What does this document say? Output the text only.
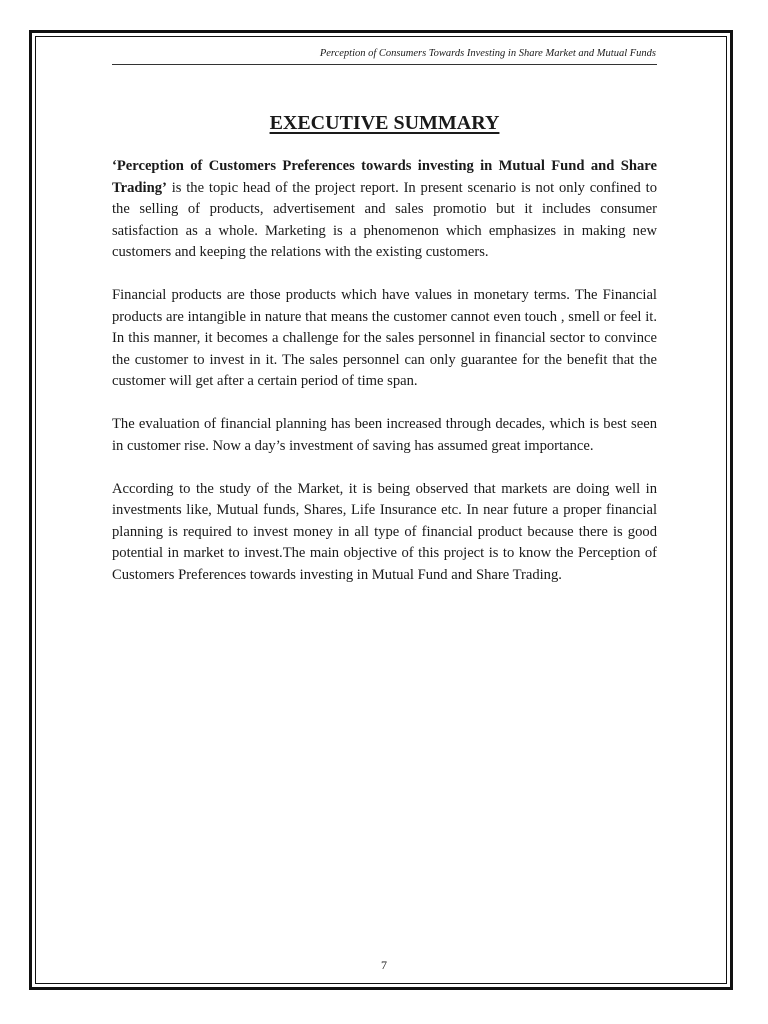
Perception of Consumers Towards Investing in Share Market and Mutual Funds
EXECUTIVE SUMMARY

‘Perception of Customers Preferences towards investing in Mutual Fund and Share Trading’ is the topic head of the project report. In present scenario is not only confined to the selling of products, advertisement and sales promotio but it includes consumer satisfaction as a whole. Marketing is a phenomenon which emphasizes in making new customers and keeping the relations with the existing customers.

Financial products are those products which have values in monetary terms. The Financial products are intangible in nature that means the customer cannot even touch , smell or feel it. In this manner, it becomes a challenge for the sales personnel in financial sector to convince the customer to invest in it. The sales personnel can only guarantee for the benefit that the customer will get after a certain period of time span.

The evaluation of financial planning has been increased through decades, which is best seen in customer rise. Now a day’s investment of saving has assumed great importance.

According to the study of the Market, it is being observed that markets are doing well in investments like, Mutual funds, Shares, Life Insurance etc. In near future a proper financial planning is required to invest money in all type of financial product because there is good potential in market to invest.The main objective of this project is to know the Perception of Customers Preferences towards investing in Mutual Fund and Share Trading.

7
